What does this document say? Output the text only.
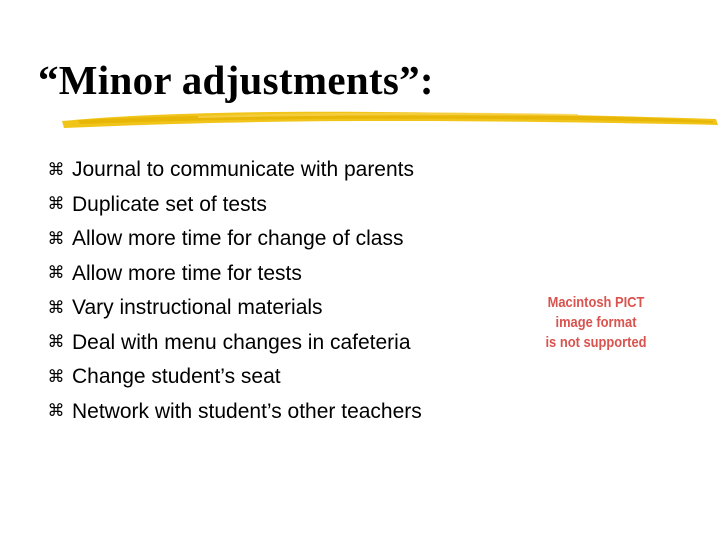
“Minor adjustments”:
⌘ Journal to communicate with parents
⌘ Duplicate set of tests
⌘ Allow more time for change of class
⌘ Allow more time for tests
⌘ Vary instructional materials
⌘ Deal with menu changes in cafeteria
⌘ Change student’s seat
⌘ Network with student’s other teachers
Macintosh PICT
image format
is not supported
